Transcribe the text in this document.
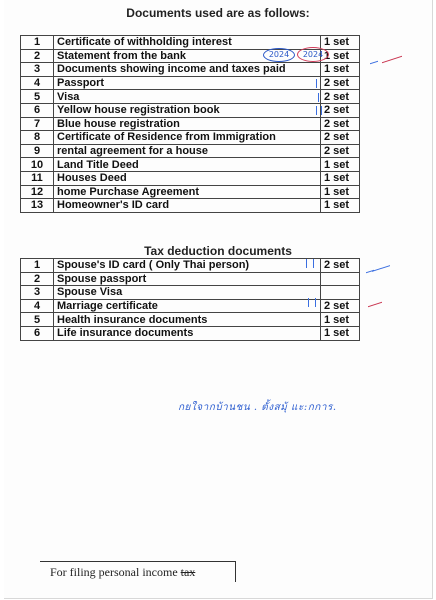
Documents used are as follows:
1	Certificate of withholding interest	1 set	
2	Statement from the bank	1 set	
3	Documents showing income and taxes paid	1 set	
4	Passport	2 set	
5	Visa	2 set	
6	Yellow house registration book	2 set	
7	Blue house registration	2 set	
8	Certificate of Residence from Immigration	2 set	
9	rental agreement for a house	2 set	
10	Land Title Deed	1 set	
11	Houses Deed	1 set	
12	home Purchase Agreement	1 set	
13	Homeowner's ID card	1 set	
Tax deduction documents
1	Spouse's ID card ( Only Thai person)	2 set	
2	Spouse passport		
3	Spouse Visa		
4	Marriage certificate	2 set	
5	Health insurance documents	1 set	
6	Life insurance documents	1 set	
2024	2024
กยใจากบ้านชน . ตั้งสมุ้ แะ:กการ.
For filing personal income tax
